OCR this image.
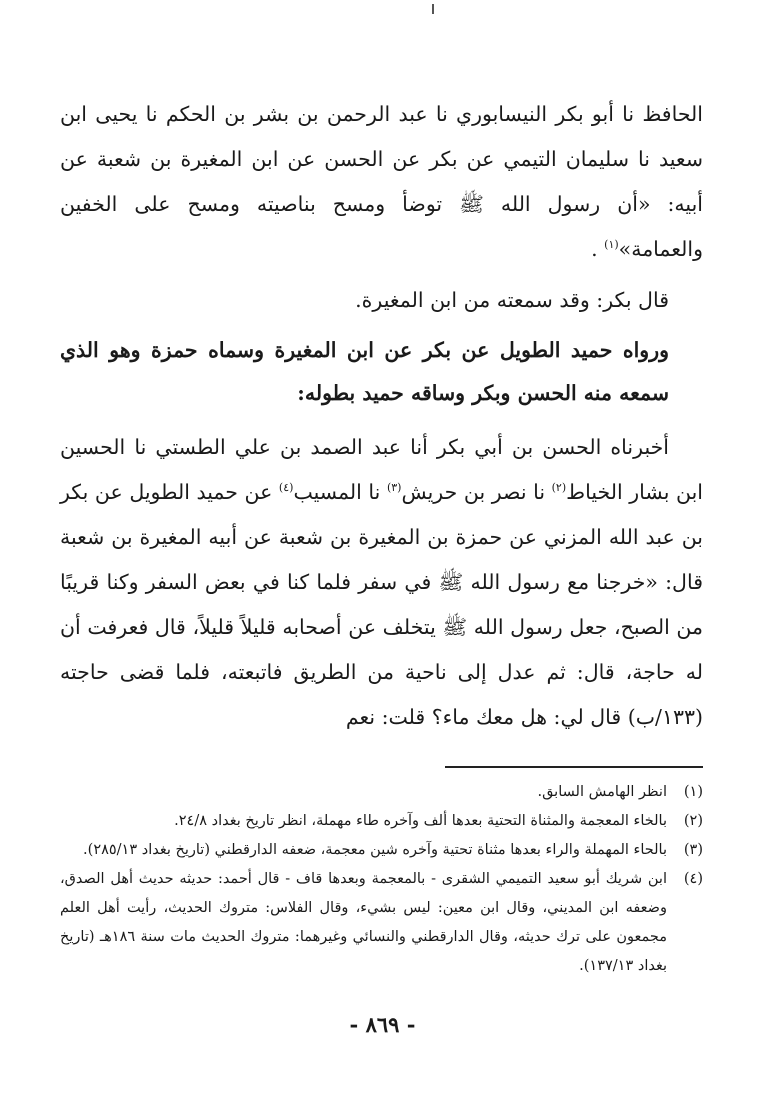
الحافظ نا أبو بكر النيسابوري نا عبد الرحمن بن بشر بن الحكم نا يحيى ابن سعيد نا سليمان التيمي عن بكر عن الحسن عن ابن المغيرة بن شعبة عن أبيه: «أن رسول الله ﷺ توضأ ومسح بناصيته ومسح على الخفين والعمامة»$^{(١)}$ .

قال بكر: وقد سمعته من ابن المغيرة.

ورواه حميد الطويل عن بكر عن ابن المغيرة وسماه حمزة وهو الذي سمعه منه الحسن وبكر وساقه حميد بطوله:

أخبرناه الحسن بن أبي بكر أنا عبد الصمد بن علي الطستي نا الحسين ابن بشار الخياط$^{(٢)}$ نا نصر بن حريش$^{(٣)}$ نا المسيب$^{(٤)}$ عن حميد الطويل عن بكر بن عبد الله المزني عن حمزة بن المغيرة بن شعبة عن أبيه المغيرة بن شعبة قال: «خرجنا مع رسول الله ﷺ في سفر فلما كنا في بعض السفر وكنا قريبًا من الصبح، جعل رسول الله ﷺ يتخلف عن أصحابه قليلاً قليلاً، قال فعرفت أن له حاجة، قال: ثم عدل إلى ناحية من الطريق فاتبعته، فلما قضى حاجته (١٣٣/ب) قال لي: هل معك ماء؟ قلت: نعم

(١)
انظر الهامش السابق.
(٢)
بالخاء المعجمة والمثناة التحتية بعدها ألف وآخره طاء مهملة، انظر تاريخ بغداد ٢٤/٨.
(٣)
بالحاء المهملة والراء بعدها مثناة تحتية وآخره شين معجمة، ضعفه الدارقطني (تاريخ بغداد ٢٨٥/١٣).
(٤)
ابن شريك أبو سعيد التميمي الشقرى - بالمعجمة وبعدها قاف - قال أحمد: حديثه حديث أهل الصدق، وضعفه ابن المديني، وقال ابن معين: ليس بشيء، وقال الفلاس: متروك الحديث، رأيت أهل العلم مجمعون على ترك حديثه، وقال الدارقطني والنسائي وغيرهما: متروك الحديث مات سنة ١٨٦هـ (تاريخ بغداد ١٣٧/١٣).
- ٨٦٩ -
